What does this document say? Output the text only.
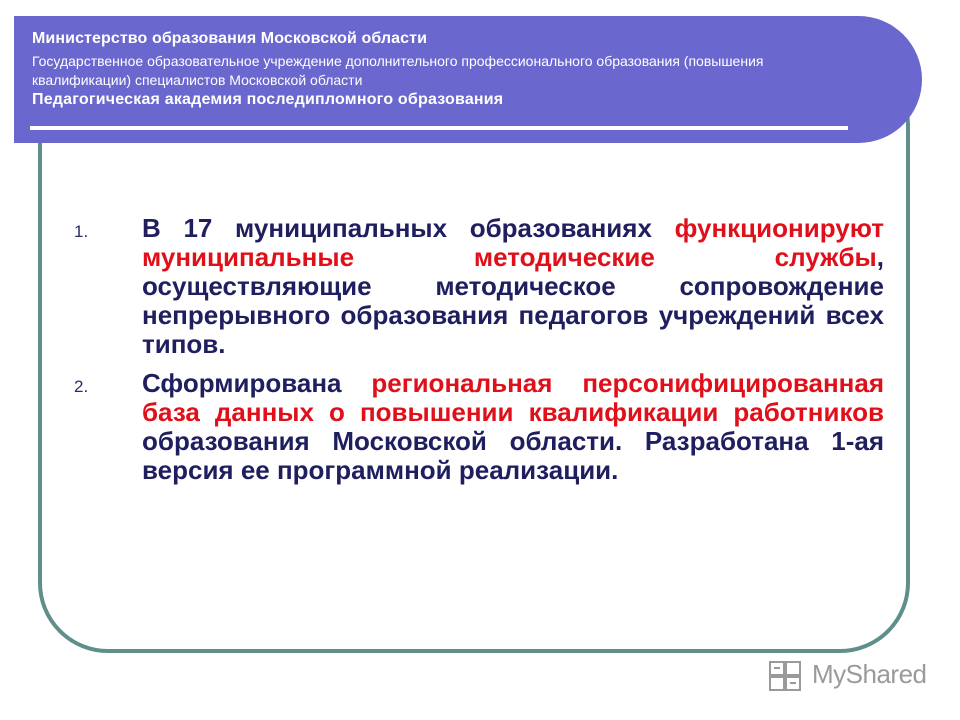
Министерство образования Московской области
Государственное образовательное учреждение дополнительного профессионального образования (повышения квалификации) специалистов Московской области
Педагогическая академия последипломного образования
1. В 17 муниципальных образованиях функционируют муниципальные методические службы, осуществляющие методическое сопровождение непрерывного образования педагогов учреждений всех типов.
2. Сформирована региональная персонифицированная база данных о повышении квалификации работников образования Московской области. Разработана 1-ая версия ее программной реализации.
MyShared
